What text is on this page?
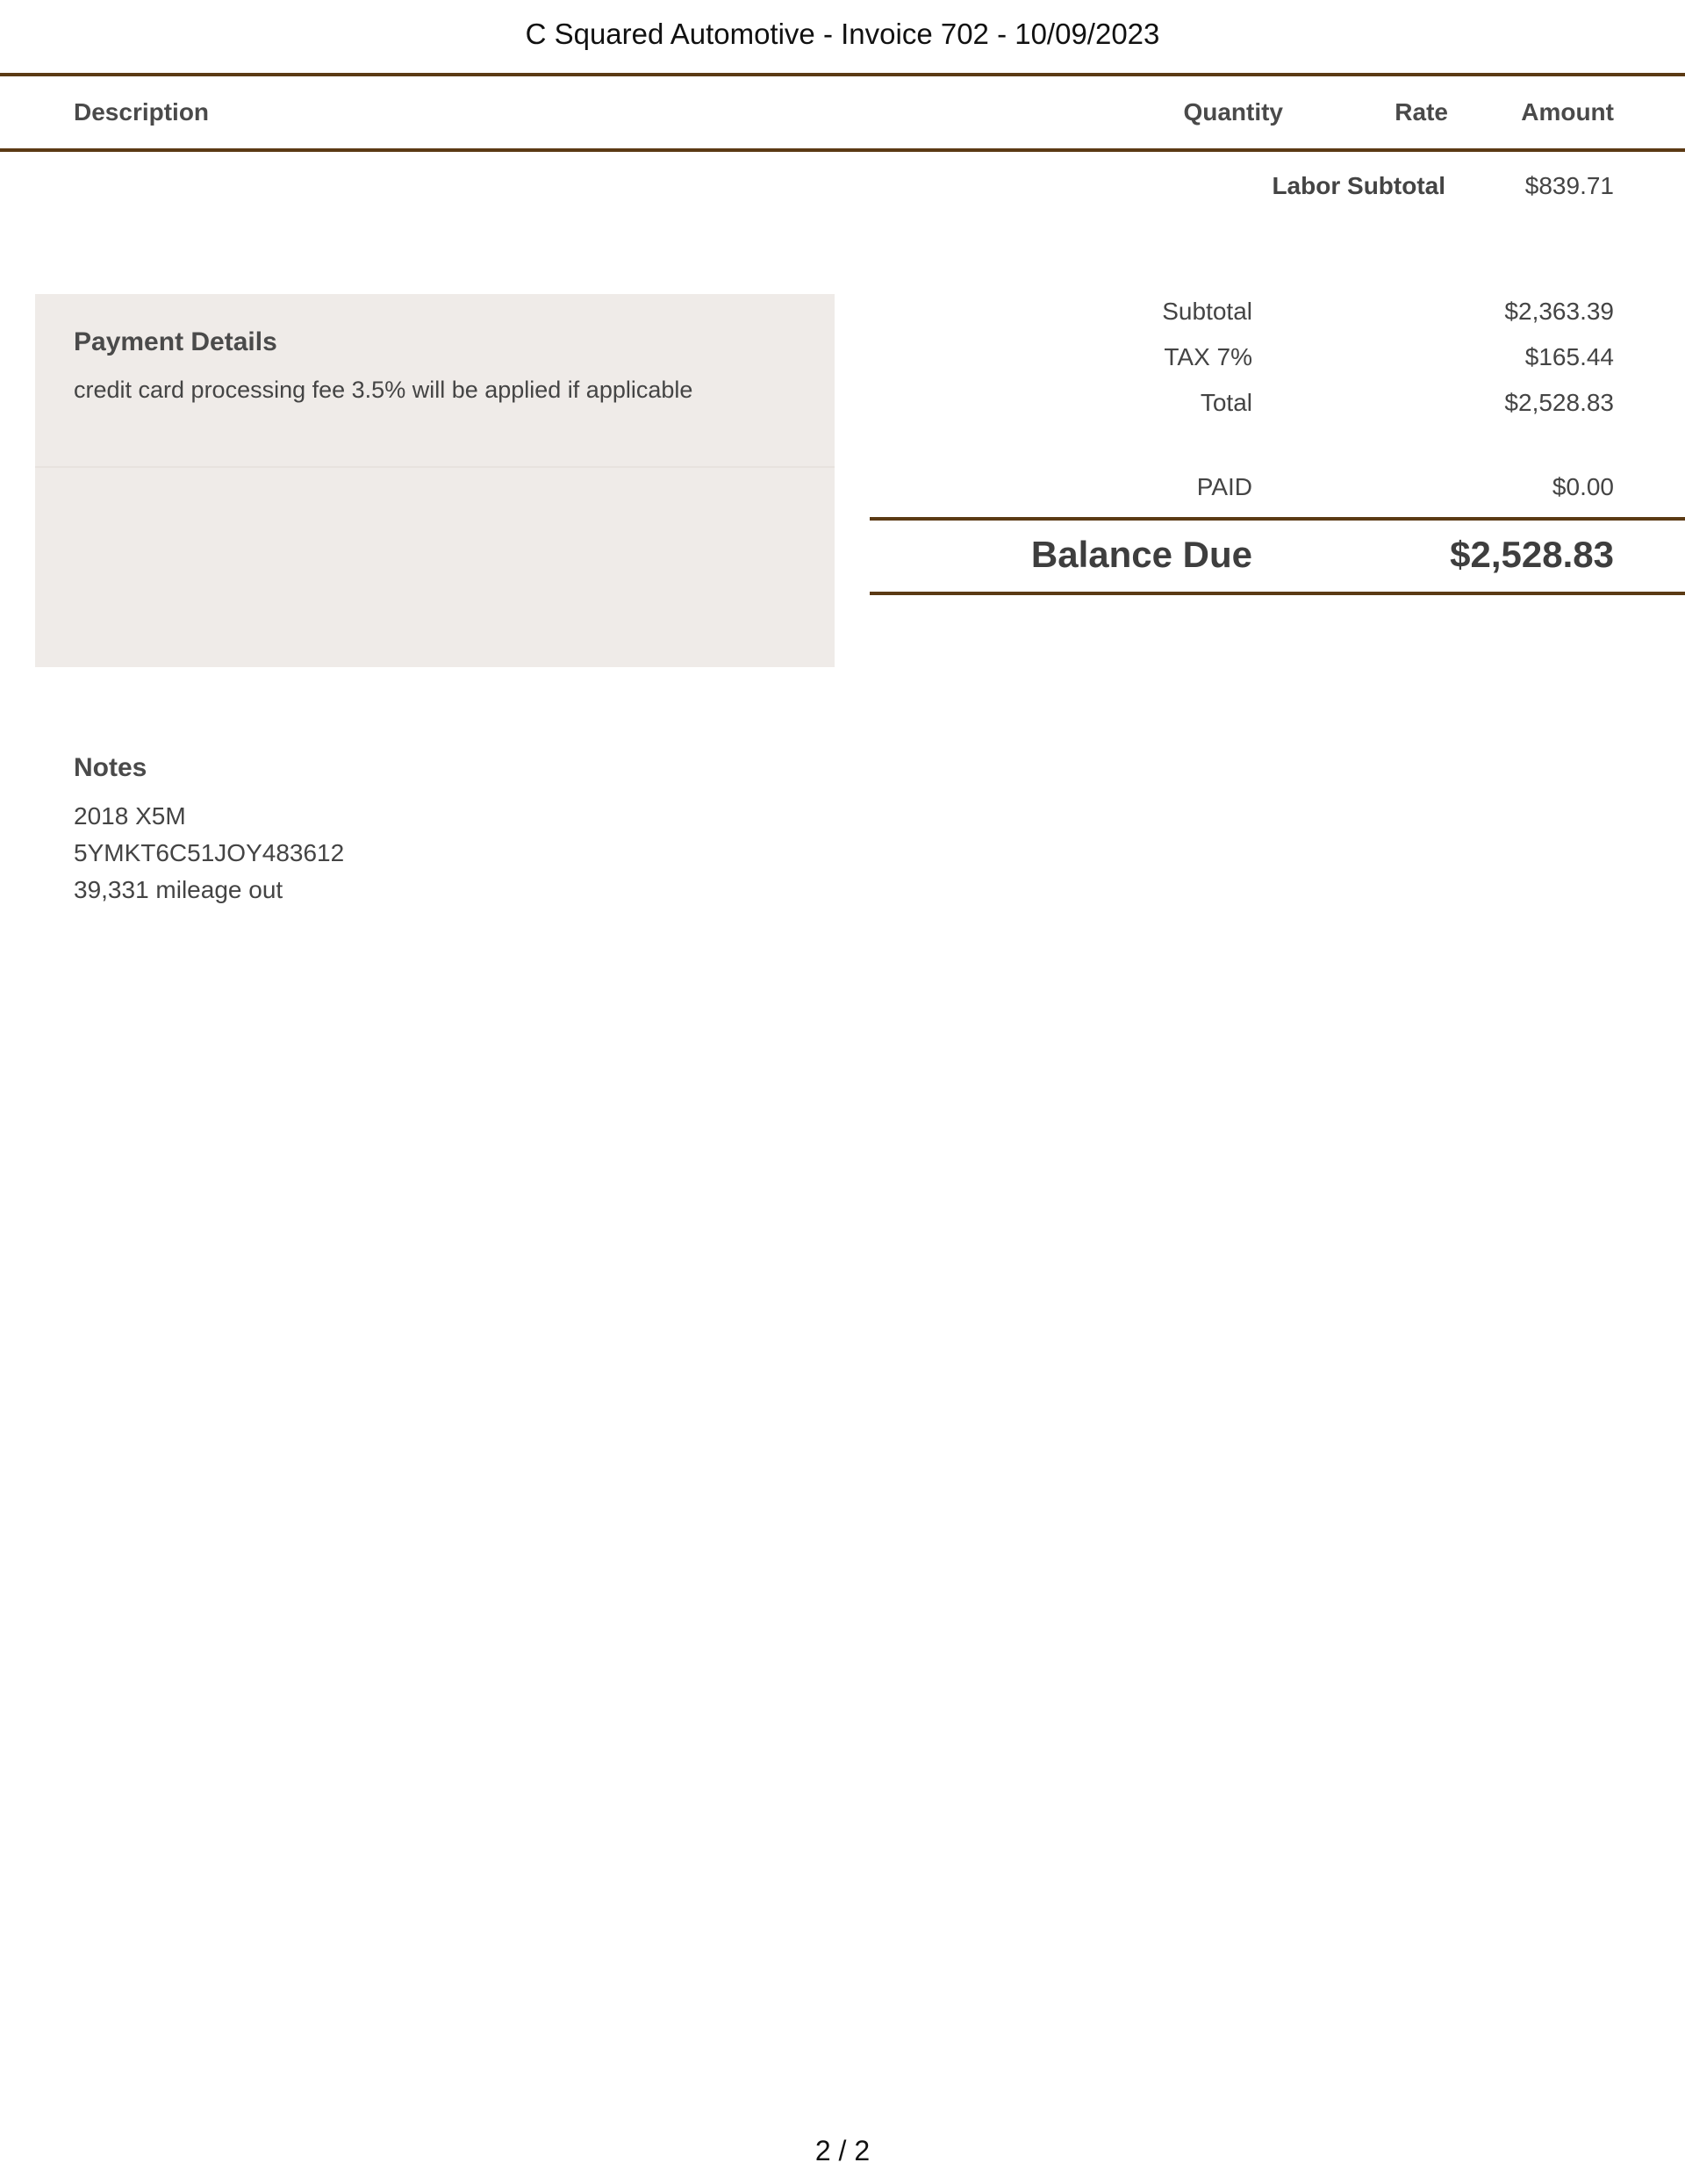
C Squared Automotive - Invoice 702 - 10/09/2023
Description	Quantity	Rate	Amount
Labor Subtotal	$839.71
Payment Details
credit card processing fee 3.5% will be applied if applicable
Subtotal	$2,363.39
TAX 7%	$165.44
Total	$2,528.83
PAID	$0.00
Balance Due	$2,528.83
Notes
2018 X5M
5YMKT6C51JOY483612
39,331 mileage out
2 / 2
